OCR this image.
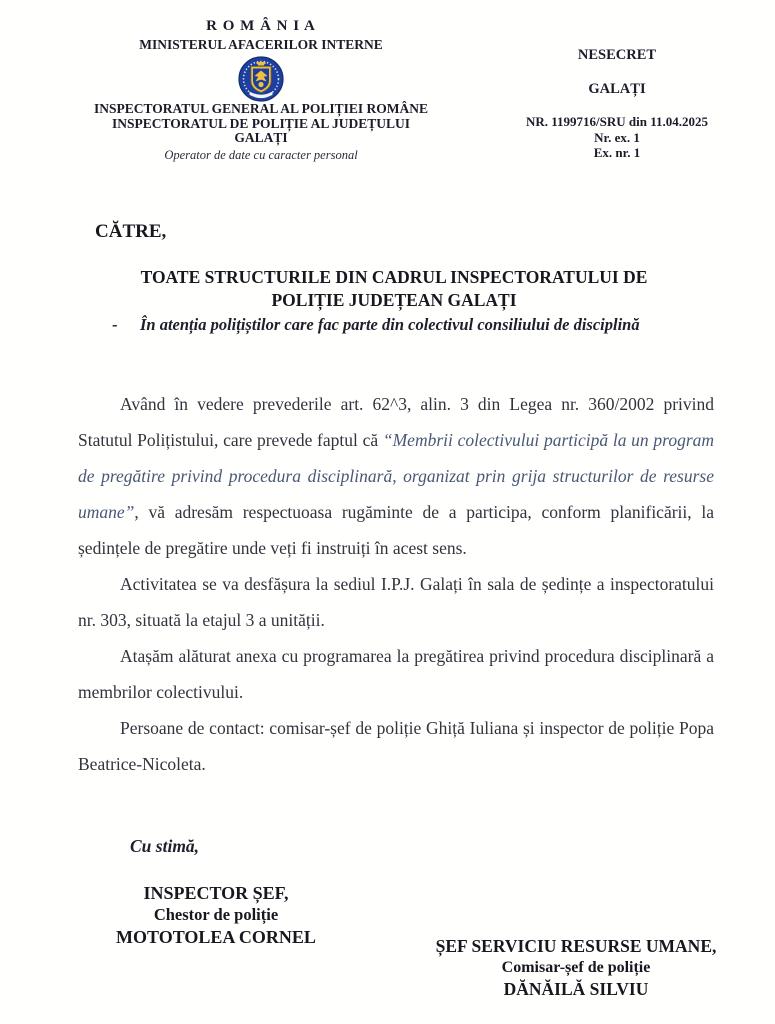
R O M Â N I A
MINISTERUL AFACERILOR INTERNE
INSPECTORATUL GENERAL AL POLIȚIEI ROMÂNE
INSPECTORATUL DE POLIȚIE AL JUDEȚULUI GALAȚI
Operator de date cu caracter personal
NESECRET
GALAȚI
NR. 1199716/SRU din 11.04.2025
Nr. ex. 1
Ex. nr. 1
CĂTRE,
TOATE STRUCTURILE DIN CADRUL INSPECTORATULUI DE
POLIȚIE JUDEȚEAN GALAȚI
-	În atenția polițiștilor care fac parte din colectivul consiliului de disciplină

Având în vedere prevederile art. 62^3, alin. 3 din Legea nr. 360/2002 privind Statutul Polițistului, care prevede faptul că “Membrii colectivului participă la un program de pregătire privind procedura disciplinară, organizat prin grija structurilor de resurse umane”, vă adresăm respectuoasa rugăminte de a participa, conform planificării, la ședințele de pregătire unde veți fi instruiți în acest sens.

Activitatea se va desfășura la sediul I.P.J. Galați în sala de ședințe a inspectoratului nr. 303, situată la etajul 3 a unității.

Atașăm alăturat anexa cu programarea la pregătirea privind procedura disciplinară a membrilor colectivului.

Persoane de contact: comisar-șef de poliție Ghiță Iuliana și inspector de poliție Popa Beatrice-Nicoleta.

Cu stimă,
INSPECTOR ȘEF,
Chestor de poliție
MOTOTOLEA CORNEL	ȘEF SERVICIU RESURSE UMANE,
Comisar-șef de poliție
DĂNĂILĂ SILVIU
